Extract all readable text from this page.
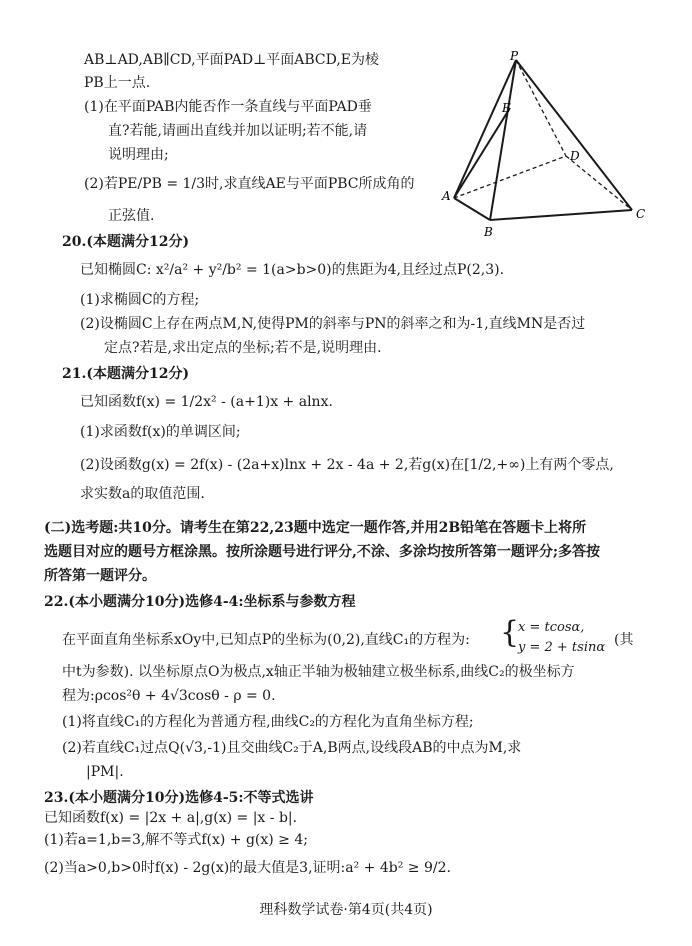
AB⊥AD,AB∥CD,平面PAD⊥平面ABCD,E为棱
PB上一点.
(1)在平面PAB内能否作一条直线与平面PAD垂
直?若能,请画出直线并加以证明;若不能,请
说明理由;
(2)若PE/PB = 1/3时,求直线AE与平面PBC所成角的
正弦值.
P
E
D
A
C
B
20.(本题满分12分)
已知椭圆C: x²/a² + y²/b² = 1(a>b>0)的焦距为4,且经过点P(2,3).
(1)求椭圆C的方程;
(2)设椭圆C上存在两点M,N,使得PM的斜率与PN的斜率之和为-1,直线MN是否过
定点?若是,求出定点的坐标;若不是,说明理由.
21.(本题满分12分)
已知函数f(x) = 1/2x² - (a+1)x + alnx.
(1)求函数f(x)的单调区间;
(2)设函数g(x) = 2f(x) - (2a+x)lnx + 2x - 4a + 2,若g(x)在[1/2,+∞)上有两个零点,
求实数a的取值范围.
(二)选考题:共10分。请考生在第22,23题中选定一题作答,并用2B铅笔在答题卡上将所
选题目对应的题号方框涂黑。按所涂题号进行评分,不涂、多涂均按所答第一题评分;多答按
所答第一题评分。
22.(本小题满分10分)选修4-4:坐标系与参数方程
在平面直角坐标系xOy中,已知点P的坐标为(0,2),直线C₁的方程为: {
x = tcosα,
y = 2 + tsinα (其
中t为参数). 以坐标原点O为极点,x轴正半轴为极轴建立极坐标系,曲线C₂的极坐标方
程为:ρcos²θ + 4√3cosθ - ρ = 0.
(1)将直线C₁的方程化为普通方程,曲线C₂的方程化为直角坐标方程;
(2)若直线C₁过点Q(√3,-1)且交曲线C₂于A,B两点,设线段AB的中点为M,求
|PM|.
23.(本小题满分10分)选修4-5:不等式选讲
已知函数f(x) = |2x + a|,g(x) = |x - b|.
(1)若a=1,b=3,解不等式f(x) + g(x) ≥ 4;
(2)当a>0,b>0时f(x) - 2g(x)的最大值是3,证明:a² + 4b² ≥ 9/2.
理科数学试卷·第4页(共4页)
